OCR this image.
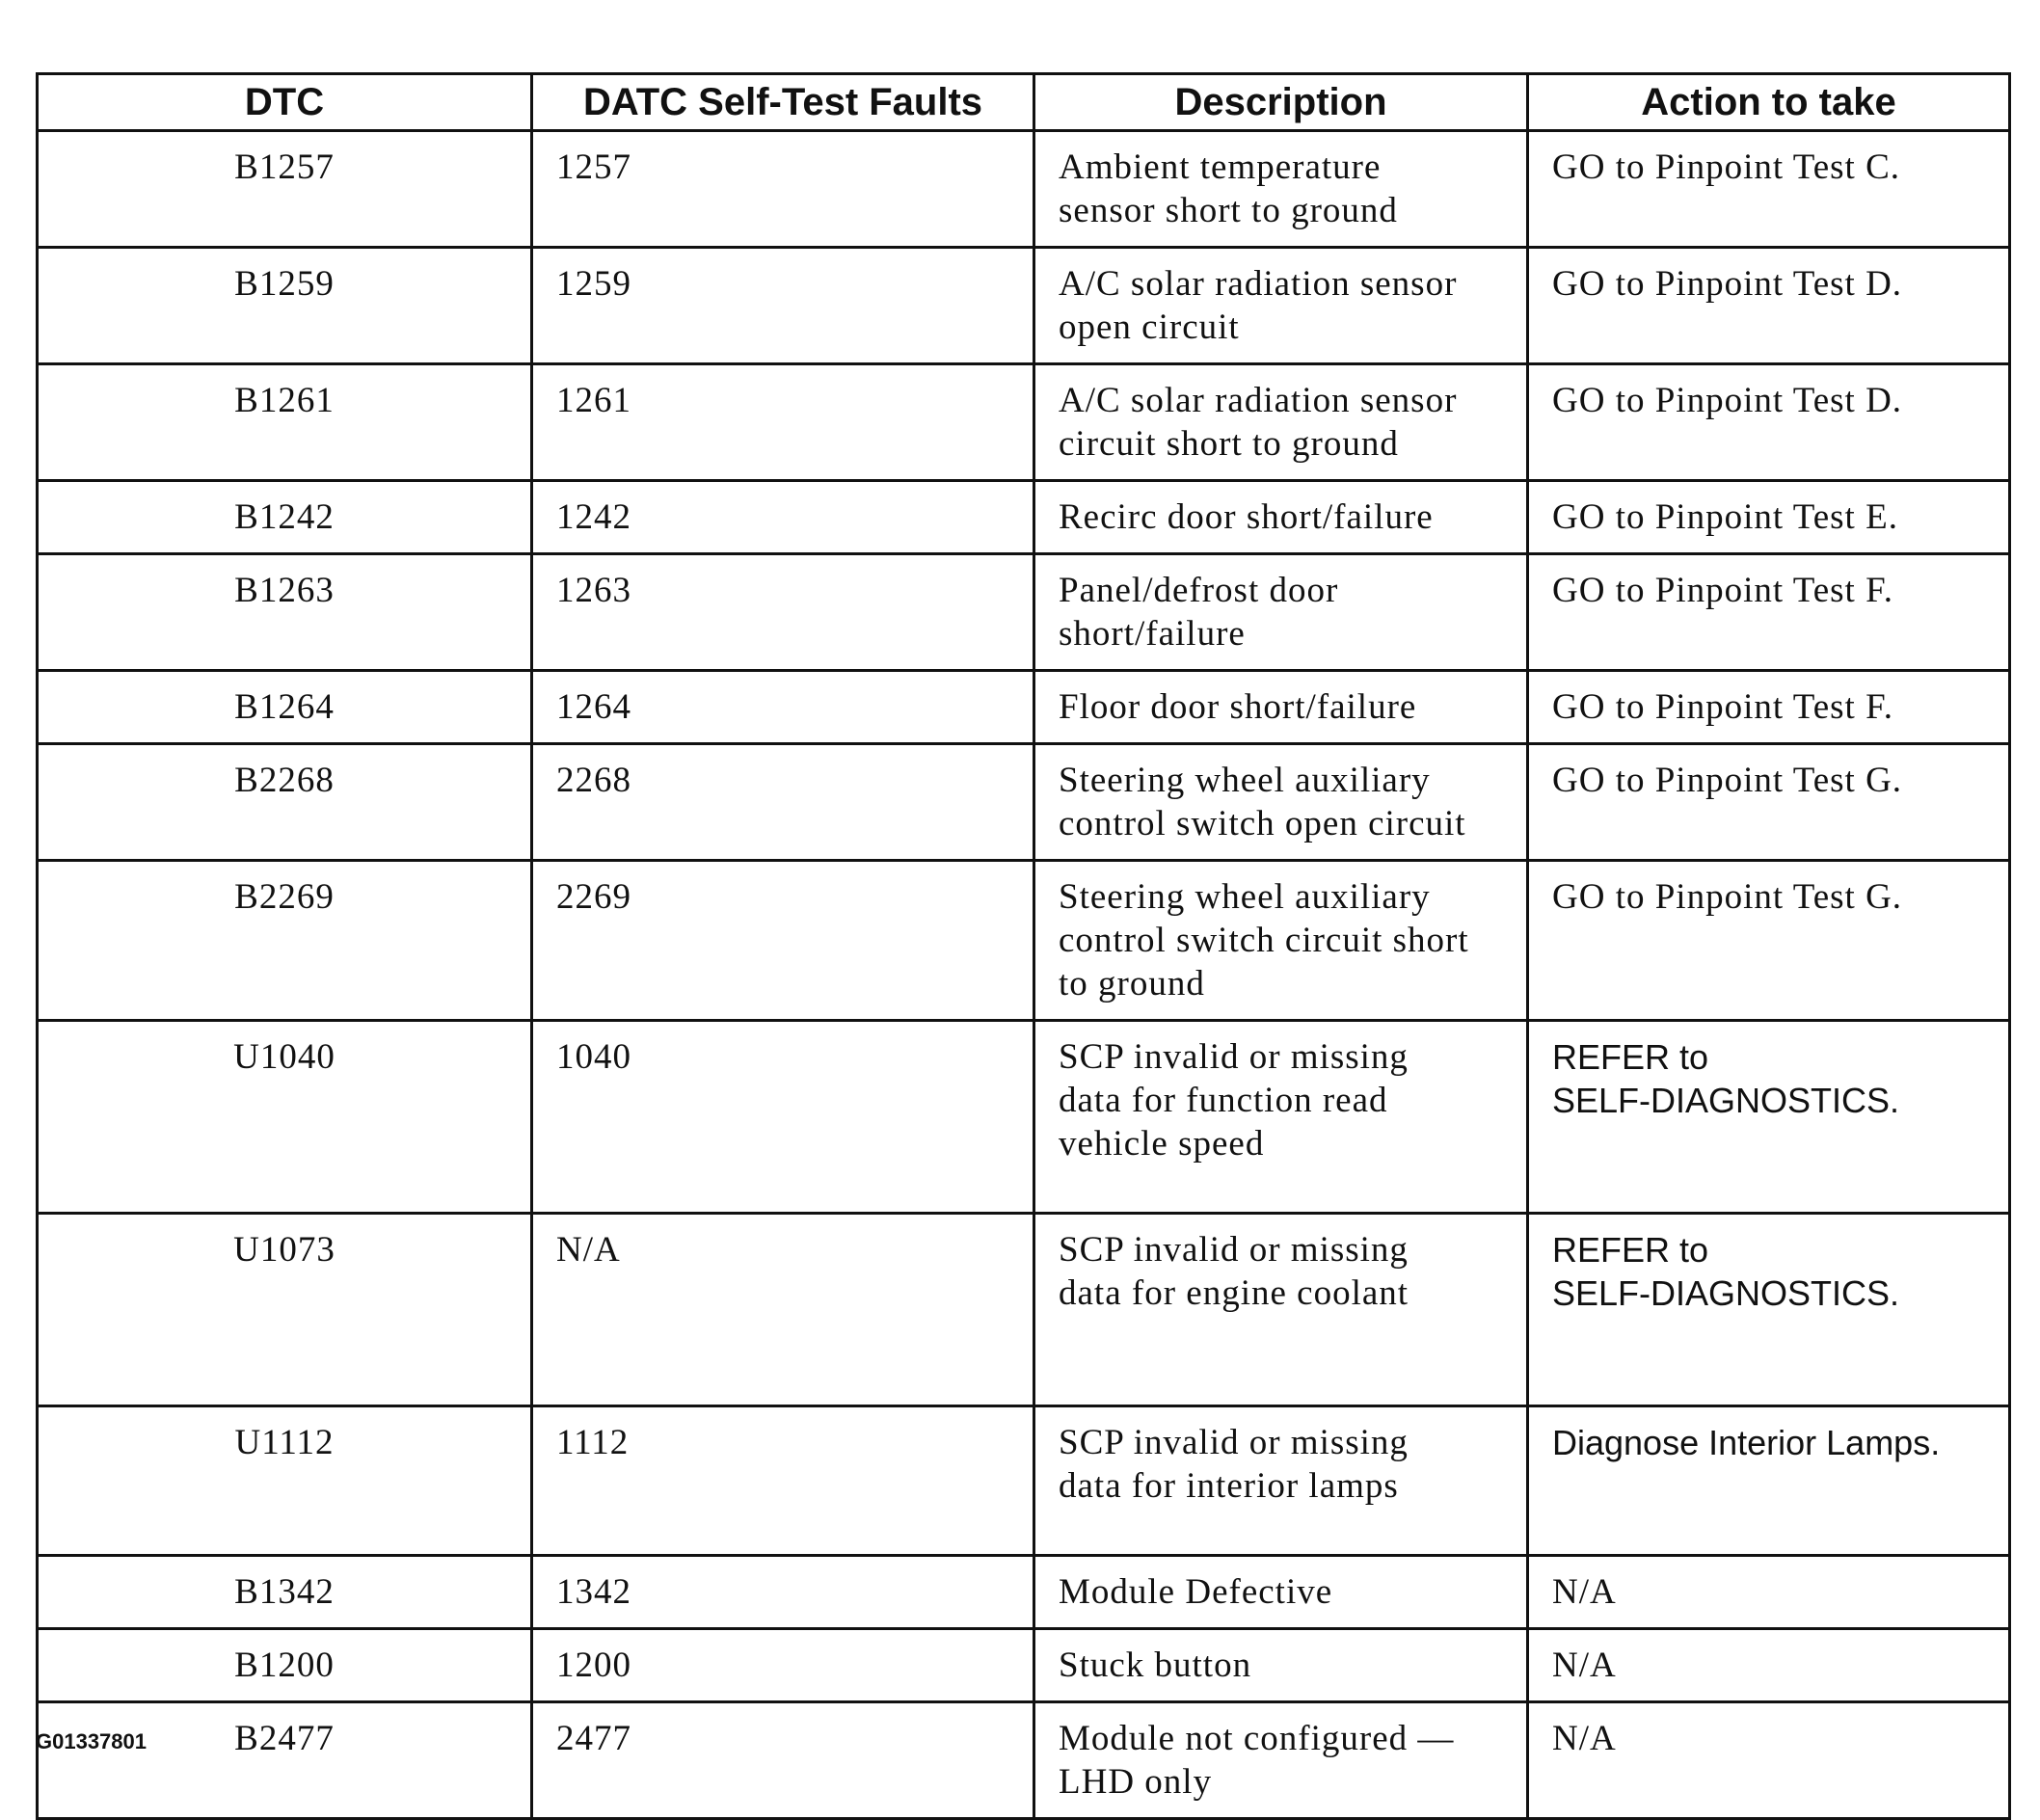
DTC	DATC Self-Test Faults	Description	Action to take
B1257	1257	Ambient temperature
sensor short to ground	GO to Pinpoint Test C.
B1259	1259	A/C solar radiation sensor
open circuit	GO to Pinpoint Test D.
B1261	1261	A/C solar radiation sensor
circuit short to ground	GO to Pinpoint Test D.
B1242	1242	Recirc door short/failure	GO to Pinpoint Test E.
B1263	1263	Panel/defrost door
short/failure	GO to Pinpoint Test F.
B1264	1264	Floor door short/failure	GO to Pinpoint Test F.
B2268	2268	Steering wheel auxiliary
control switch open circuit	GO to Pinpoint Test G.
B2269	2269	Steering wheel auxiliary
control switch circuit short
to ground	GO to Pinpoint Test G.
U1040	1040	SCP invalid or missing
data for function read
vehicle speed	REFER to
SELF-DIAGNOSTICS.
U1073	N/A	SCP invalid or missing
data for engine coolant	REFER to
SELF-DIAGNOSTICS.
U1112	1112	SCP invalid or missing
data for interior lamps	Diagnose Interior Lamps.
B1342	1342	Module Defective	N/A
B1200	1200	Stuck button	N/A
B2477	2477	Module not configured —
LHD only	N/A
G01337801
